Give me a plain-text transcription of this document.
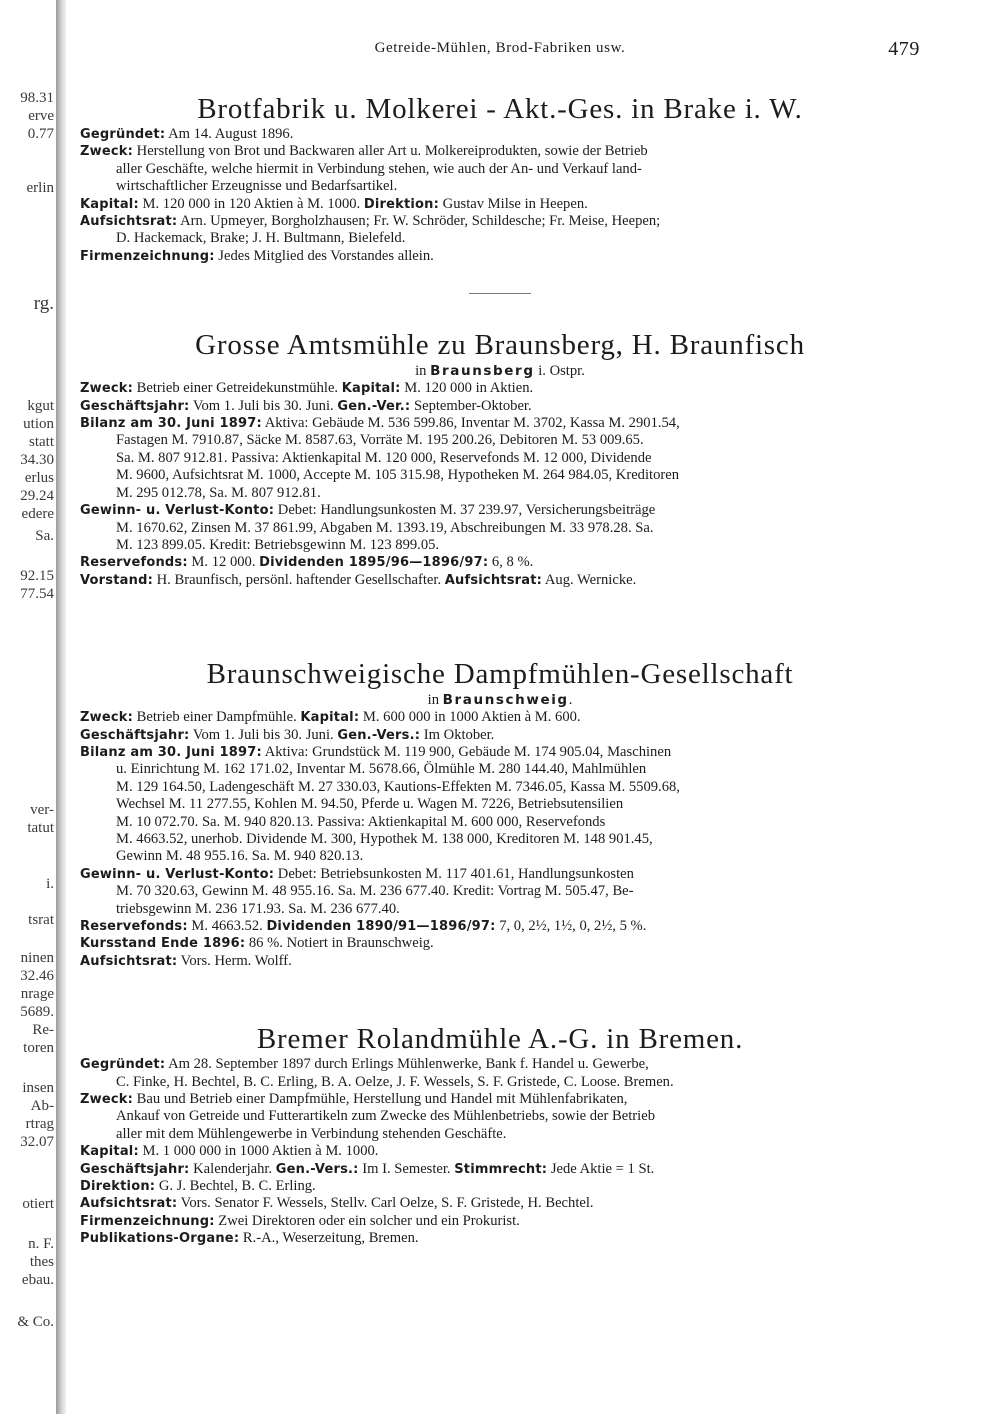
98.31
erve
0.77
erlin
rg.
kgut
ution
statt
34.30
erlus
29.24
edere
Sa.
92.15
77.54
ver-
tatut
i.
tsrat
ninen
32.46
nrage
5689.
Re-
toren
insen
Ab-
rtrag
32.07
otiert
n. F.
thes
ebau.
& Co.
Getreide-Mühlen, Brod-Fabriken usw.	479
Brotfabrik u. Molkerei - Akt.-Ges. in Brake i. W.

Gegründet: Am 14. August 1896.

Zweck: Herstellung von Brot und Backwaren aller Art u. Molkereiprodukten, sowie der Betrieb

aller Geschäfte, welche hiermit in Verbindung stehen, wie auch der An- und Verkauf land-

wirtschaftlicher Erzeugnisse und Bedarfsartikel.

Kapital: M. 120 000 in 120 Aktien à M. 1000. Direktion: Gustav Milse in Heepen.

Aufsichtsrat: Arn. Upmeyer, Borgholzhausen; Fr. W. Schröder, Schildesche; Fr. Meise, Heepen;

D. Hackemack, Brake; J. H. Bultmann, Bielefeld.

Firmenzeichnung: Jedes Mitglied des Vorstandes allein.

Grosse Amtsmühle zu Braunsberg, H. Braunfisch
in Braunsberg i. Ostpr.

Zweck: Betrieb einer Getreidekunstmühle. Kapital: M. 120 000 in Aktien.

Geschäftsjahr: Vom 1. Juli bis 30. Juni. Gen.-Ver.: September-Oktober.

Bilanz am 30. Juni 1897: Aktiva: Gebäude M. 536 599.86, Inventar M. 3702, Kassa M. 2901.54,

Fastagen M. 7910.87, Säcke M. 8587.63, Vorräte M. 195 200.26, Debitoren M. 53 009.65.

Sa. M. 807 912.81. Passiva: Aktienkapital M. 120 000, Reservefonds M. 12 000, Dividende

M. 9600, Aufsichtsrat M. 1000, Accepte M. 105 315.98, Hypotheken M. 264 984.05, Kreditoren

M. 295 012.78, Sa. M. 807 912.81.

Gewinn- u. Verlust-Konto: Debet: Handlungsunkosten M. 37 239.97, Versicherungsbeiträge

M. 1670.62, Zinsen M. 37 861.99, Abgaben M. 1393.19, Abschreibungen M. 33 978.28. Sa.

M. 123 899.05. Kredit: Betriebsgewinn M. 123 899.05.

Reservefonds: M. 12 000. Dividenden 1895/96—1896/97: 6, 8 %.

Vorstand: H. Braunfisch, persönl. haftender Gesellschafter. Aufsichtsrat: Aug. Wernicke.

Braunschweigische Dampfmühlen-Gesellschaft
in Braunschweig.

Zweck: Betrieb einer Dampfmühle. Kapital: M. 600 000 in 1000 Aktien à M. 600.

Geschäftsjahr: Vom 1. Juli bis 30. Juni. Gen.-Vers.: Im Oktober.

Bilanz am 30. Juni 1897: Aktiva: Grundstück M. 119 900, Gebäude M. 174 905.04, Maschinen

u. Einrichtung M. 162 171.02, Inventar M. 5678.66, Ölmühle M. 280 144.40, Mahlmühlen

M. 129 164.50, Ladengeschäft M. 27 330.03, Kautions-Effekten M. 7346.05, Kassa M. 5509.68,

Wechsel M. 11 277.55, Kohlen M. 94.50, Pferde u. Wagen M. 7226, Betriebsutensilien

M. 10 072.70. Sa. M. 940 820.13. Passiva: Aktienkapital M. 600 000, Reservefonds

M. 4663.52, unerhob. Dividende M. 300, Hypothek M. 138 000, Kreditoren M. 148 901.45,

Gewinn M. 48 955.16. Sa. M. 940 820.13.

Gewinn- u. Verlust-Konto: Debet: Betriebsunkosten M. 117 401.61, Handlungsunkosten

M. 70 320.63, Gewinn M. 48 955.16. Sa. M. 236 677.40. Kredit: Vortrag M. 505.47, Be-

triebsgewinn M. 236 171.93. Sa. M. 236 677.40.

Reservefonds: M. 4663.52. Dividenden 1890/91—1896/97: 7, 0, 2½, 1½, 0, 2½, 5 %.

Kursstand Ende 1896: 86 %. Notiert in Braunschweig.

Aufsichtsrat: Vors. Herm. Wolff.

Bremer Rolandmühle A.-G. in Bremen.

Gegründet: Am 28. September 1897 durch Erlings Mühlenwerke, Bank f. Handel u. Gewerbe,

C. Finke, H. Bechtel, B. C. Erling, B. A. Oelze, J. F. Wessels, S. F. Gristede, C. Loose. Bremen.

Zweck: Bau und Betrieb einer Dampfmühle, Herstellung und Handel mit Mühlenfabrikaten,

Ankauf von Getreide und Futterartikeln zum Zwecke des Mühlenbetriebs, sowie der Betrieb

aller mit dem Mühlengewerbe in Verbindung stehenden Geschäfte.

Kapital: M. 1 000 000 in 1000 Aktien à M. 1000.

Geschäftsjahr: Kalenderjahr. Gen.-Vers.: Im I. Semester. Stimmrecht: Jede Aktie = 1 St.

Direktion: G. J. Bechtel, B. C. Erling.

Aufsichtsrat: Vors. Senator F. Wessels, Stellv. Carl Oelze, S. F. Gristede, H. Bechtel.

Firmenzeichnung: Zwei Direktoren oder ein solcher und ein Prokurist.

Publikations-Organe: R.-A., Weserzeitung, Bremen.
